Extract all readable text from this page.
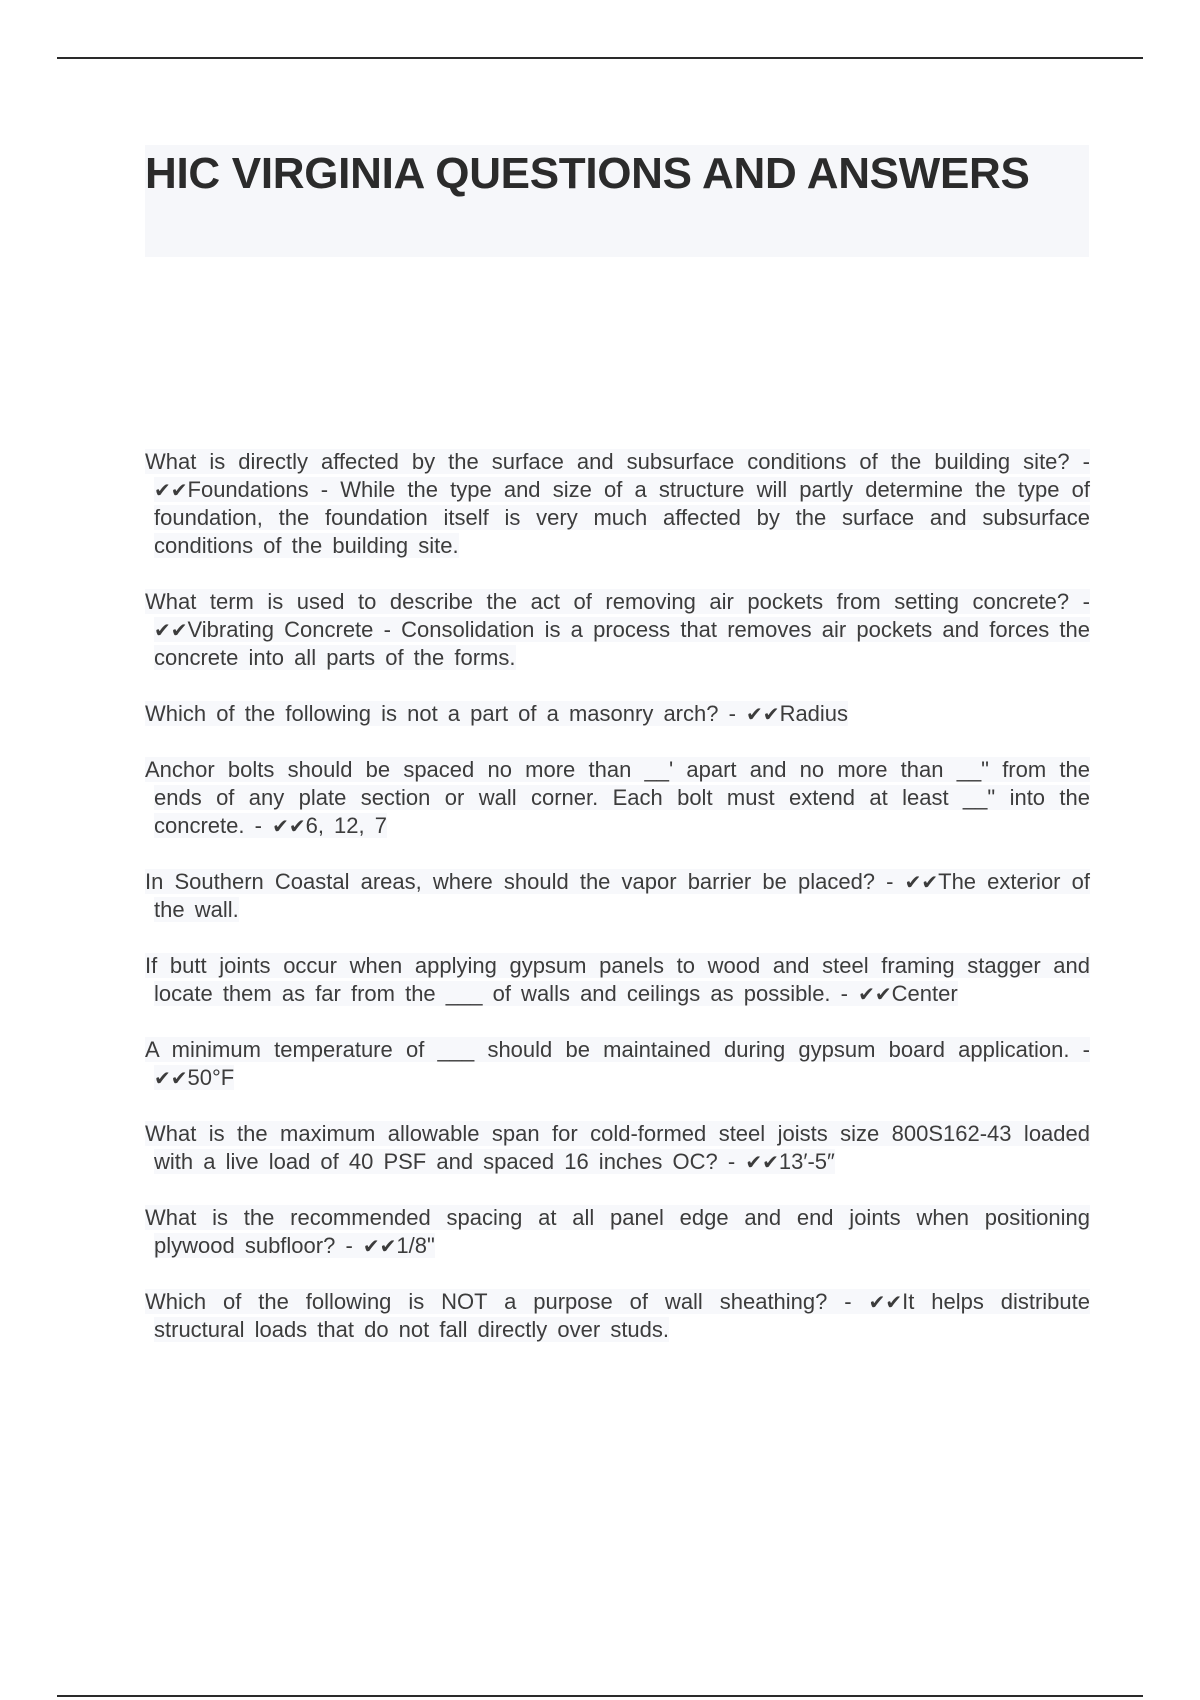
HIC VIRGINIA QUESTIONS AND ANSWERS

What is directly affected by the surface and subsurface conditions of the building site? - ✔✔Foundations - While the type and size of a structure will partly determine the type of foundation, the foundation itself is very much affected by the surface and subsurface conditions of the building site.

What term is used to describe the act of removing air pockets from setting concrete? - ✔✔Vibrating Concrete - Consolidation is a process that removes air pockets and forces the concrete into all parts of the forms.

Which of the following is not a part of a masonry arch? - ✔✔Radius

Anchor bolts should be spaced no more than __' apart and no more than __" from the ends of any plate section or wall corner. Each bolt must extend at least __" into the concrete. - ✔✔6, 12, 7

In Southern Coastal areas, where should the vapor barrier be placed? - ✔✔The exterior of the wall.

If butt joints occur when applying gypsum panels to wood and steel framing stagger and locate them as far from the ___ of walls and ceilings as possible. - ✔✔Center

A minimum temperature of ___ should be maintained during gypsum board application. - ✔✔50°F

What is the maximum allowable span for cold-formed steel joists size 800S162-43 loaded with a live load of 40 PSF and spaced 16 inches OC? - ✔✔13′-5″

What is the recommended spacing at all panel edge and end joints when positioning plywood subfloor? - ✔✔1/8"

Which of the following is NOT a purpose of wall sheathing? - ✔✔It helps distribute structural loads that do not fall directly over studs.
